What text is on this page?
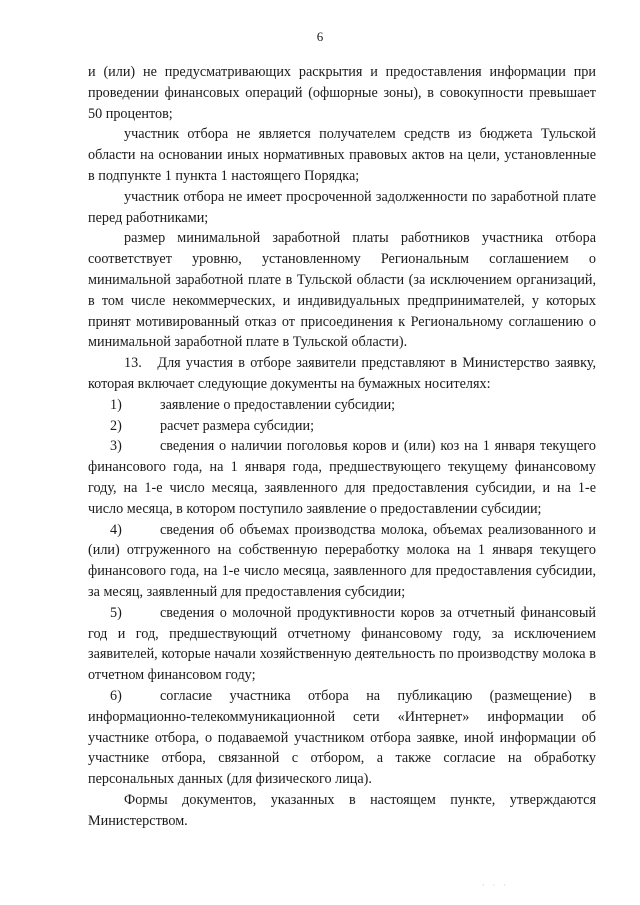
6

и (или) не предусматривающих раскрытия и предоставления информации при проведении финансовых операций (офшорные зоны), в совокупности превышает 50 процентов;

участник отбора не является получателем средств из бюджета Тульской области на основании иных нормативных правовых актов на цели, установленные в подпункте 1 пункта 1 настоящего Порядка;

участник отбора не имеет просроченной задолженности по заработной плате перед работниками;

размер минимальной заработной платы работников участника отбора соответствует уровню, установленному Региональным соглашением о минимальной заработной плате в Тульской области (за исключением организаций, в том числе некоммерческих, и индивидуальных предпринимателей, у которых принят мотивированный отказ от присоединения к Региональному соглашению о минимальной заработной плате в Тульской области).

13.   Для участия в отборе заявители представляют в Министерство заявку, которая включает следующие документы на бумажных носителях:

1)	заявление о предоставлении субсидии;

2)	расчет размера субсидии;

3)	сведения о наличии поголовья коров и (или) коз на 1 января текущего финансового года, на 1 января года, предшествующего текущему финансовому году, на 1-е число месяца, заявленного для предоставления субсидии, и на 1-е число месяца, в котором поступило заявление о предоставлении субсидии;

4)	сведения об объемах производства молока, объемах реализованного и (или) отгруженного на собственную переработку молока на 1 января текущего финансового года, на 1-е число месяца, заявленного для предоставления субсидии, за месяц, заявленный для предоставления субсидии;

5)	сведения о молочной продуктивности коров за отчетный финансовый год и год, предшествующий отчетному финансовому году, за исключением заявителей, которые начали хозяйственную деятельность по производству молока в отчетном финансовом году;

6)	согласие участника отбора на публикацию (размещение) в информационно-телекоммуникационной сети «Интернет» информации об участнике отбора, о подаваемой участником отбора заявке, иной информации об участнике отбора, связанной с отбором, а также согласие на обработку персональных данных (для физического лица).

Формы документов, указанных в настоящем пункте, утверждаются Министерством.

· · ·
